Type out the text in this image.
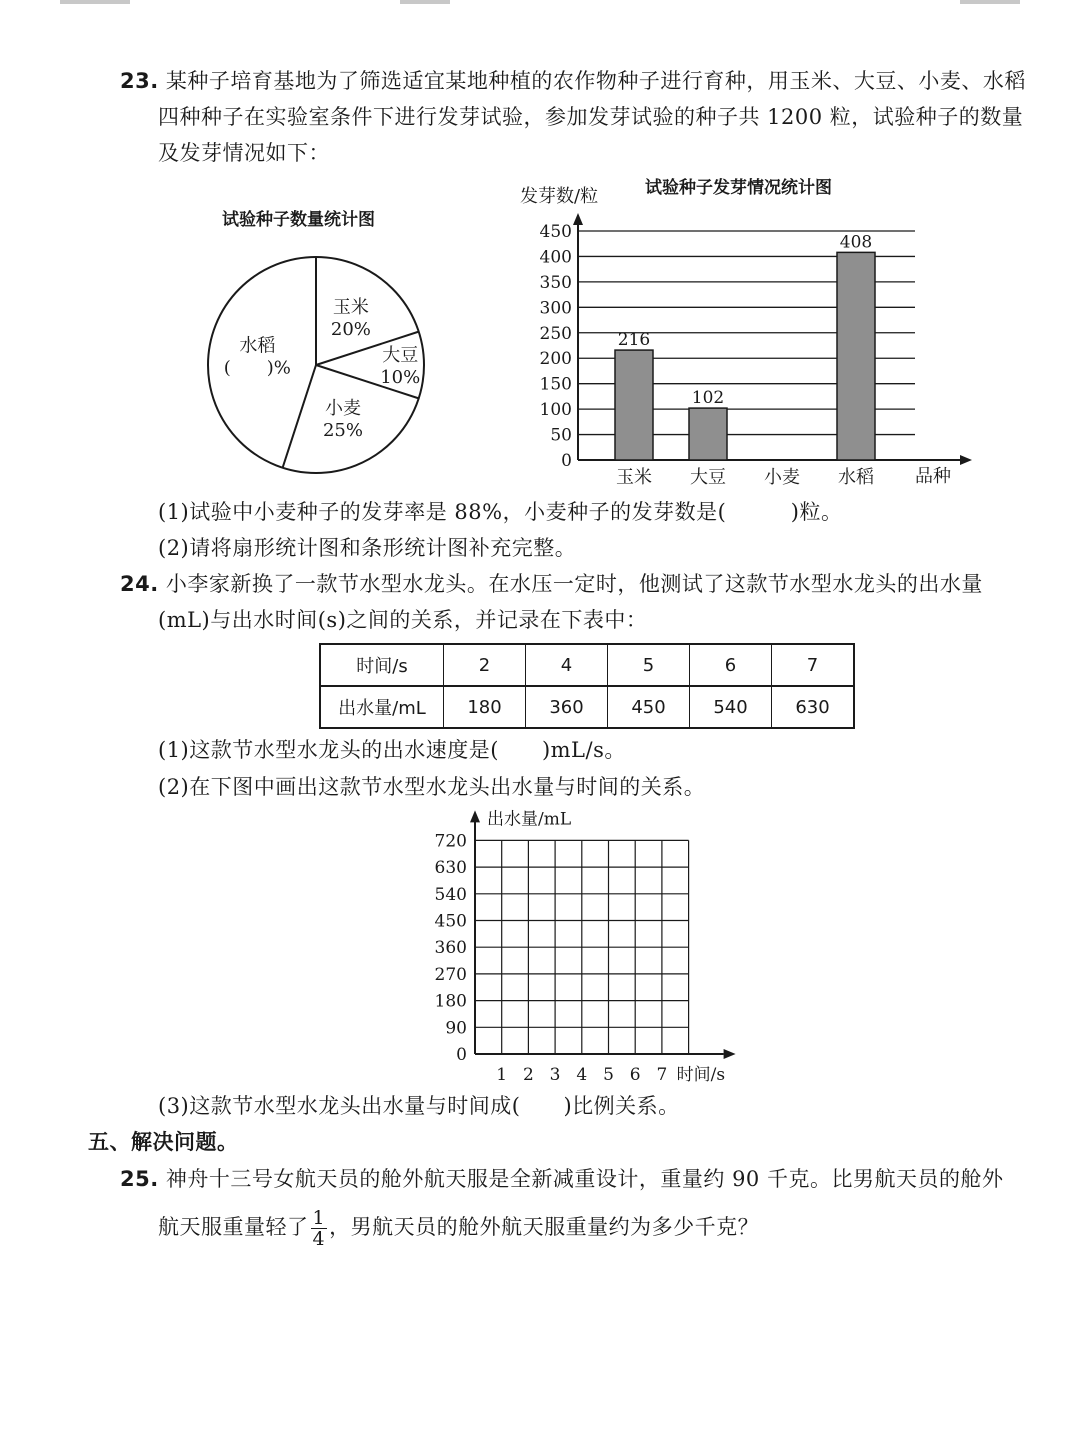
23. 某种子培育基地为了筛选适宜某地种植的农作物种子进行育种，用玉米、大豆、小麦、水稻
四种种子在实验室条件下进行发芽试验，参加发芽试验的种子共 1200 粒，试验种子的数量
及发芽情况如下：
试验种子数量统计图
玉米
20%
大豆
10%
小麦
25%
水稻
(　　)%
发芽数/粒	试验种子发芽情况统计图
品种
0
50
100
150
200
250
300
350
400
450
玉米
216
大豆
102
小麦 水稻
408
(1)试验中小麦种子的发芽率是 88%，小麦种子的发芽数是(　　　)粒。
(2)请将扇形统计图和条形统计图补充完整。
24. 小李家新换了一款节水型水龙头。在水压一定时，他测试了这款节水型水龙头的出水量
(mL)与出水时间(s)之间的关系，并记录在下表中：
时间/s	2	4	5	6	7
出水量/mL	180	360	450	540	630
(1)这款节水型水龙头的出水速度是(　　)mL/s。
(2)在下图中画出这款节水型水龙头出水量与时间的关系。
出水量/mL
0
90
180
270
360
450
540
630
720
1 2 3 4 5 6 7 时间/s
(3)这款节水型水龙头出水量与时间成(　　)比例关系。
五、解决问题。
25. 神舟十三号女航天员的舱外航天服是全新减重设计，重量约 90 千克。比男航天员的舱外
航天服重量轻了 $\frac{1}{4}$ ，男航天员的舱外航天服重量约为多少千克？
